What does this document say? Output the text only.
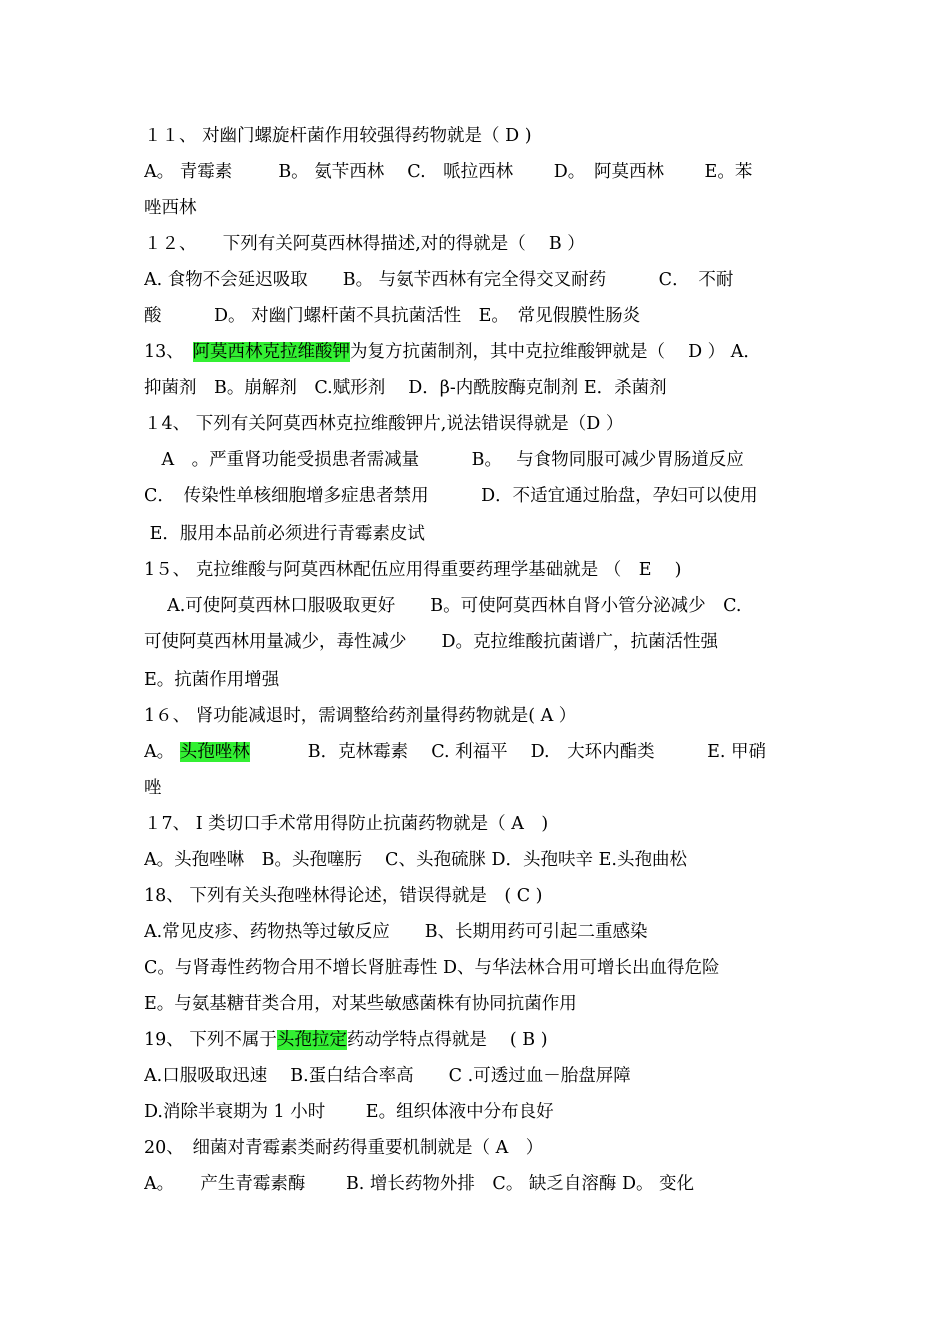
１１、 对幽门螺旋杆菌作用较强得药物就是（ D )
A。 青霉素 　　 B。 氨苄西林 　C.　哌拉西林　　 D。　阿莫西林　　 E。苯
唑西林
１２、　　下列有关阿莫西林得描述,对的得就是（　 B ）
A. 食物不会延迟吸取　　B。 与氨苄西林有完全得交叉耐药　　　C．　不耐
酸　　　D。 对幽门螺杆菌不具抗菌活性　E。　常见假膜性肠炎
13、　阿莫西林克拉维酸钾为复方抗菌制剂，其中克拉维酸钾就是（　 D ） A．
抑菌剂　B。崩解剂　C.赋形剂　 D．β-内酰胺酶克制剂 E．杀菌剂
１4、 下列有关阿莫西林克拉维酸钾片,说法错误得就是（D ）
　A　。严重肾功能受损患者需减量　　　B。　 与食物同服可减少胃肠道反应
C．　传染性单核细胞增多症患者禁用　　　D．不适宜通过胎盘，孕妇可以使用
E．服用本品前必须进行青霉素皮试
1５、 克拉维酸与阿莫西林配伍应用得重要药理学基础就是 （　E　 )
　 A.可使阿莫西林口服吸取更好　　B。可使阿莫西林自肾小管分泌减少　C.
可使阿莫西林用量减少，毒性减少　　D。克拉维酸抗菌谱广，抗菌活性强
E。抗菌作用增强
1６、 肾功能减退时，需调整给药剂量得药物就是( A ）
A。 头孢唑林　　　 B．克林霉素　 C. 利福平　 D.　大环内酯类　　　E. 甲硝
唑
１7、 I 类切口手术常用得防止抗菌药物就是（ A　)
A。头孢唑啉　B。头孢噻肟　 C、头孢硫脒 D．头孢呋辛 E.头孢曲松
18、 下列有关头孢唑林得论述，错误得就是　( C )
A.常见皮疹、药物热等过敏反应　　B、长期用药可引起二重感染
C。与肾毒性药物合用不增长肾脏毒性 D、与华法林合用可增长出血得危险
E。与氨基糖苷类合用，对某些敏感菌株有协同抗菌作用
19、 下列不属于头孢拉定药动学特点得就是　 ( B )
A.口服吸取迅速　 B.蛋白结合率高　　C .可透过血－胎盘屏障
D.消除半衰期为 1 小时　　 E。组织体液中分布良好
20、　细菌对青霉素类耐药得重要机制就是（ A　）
A。　　产生青霉素酶　　 B. 增长药物外排　C。 缺乏自溶酶 D。 变化
